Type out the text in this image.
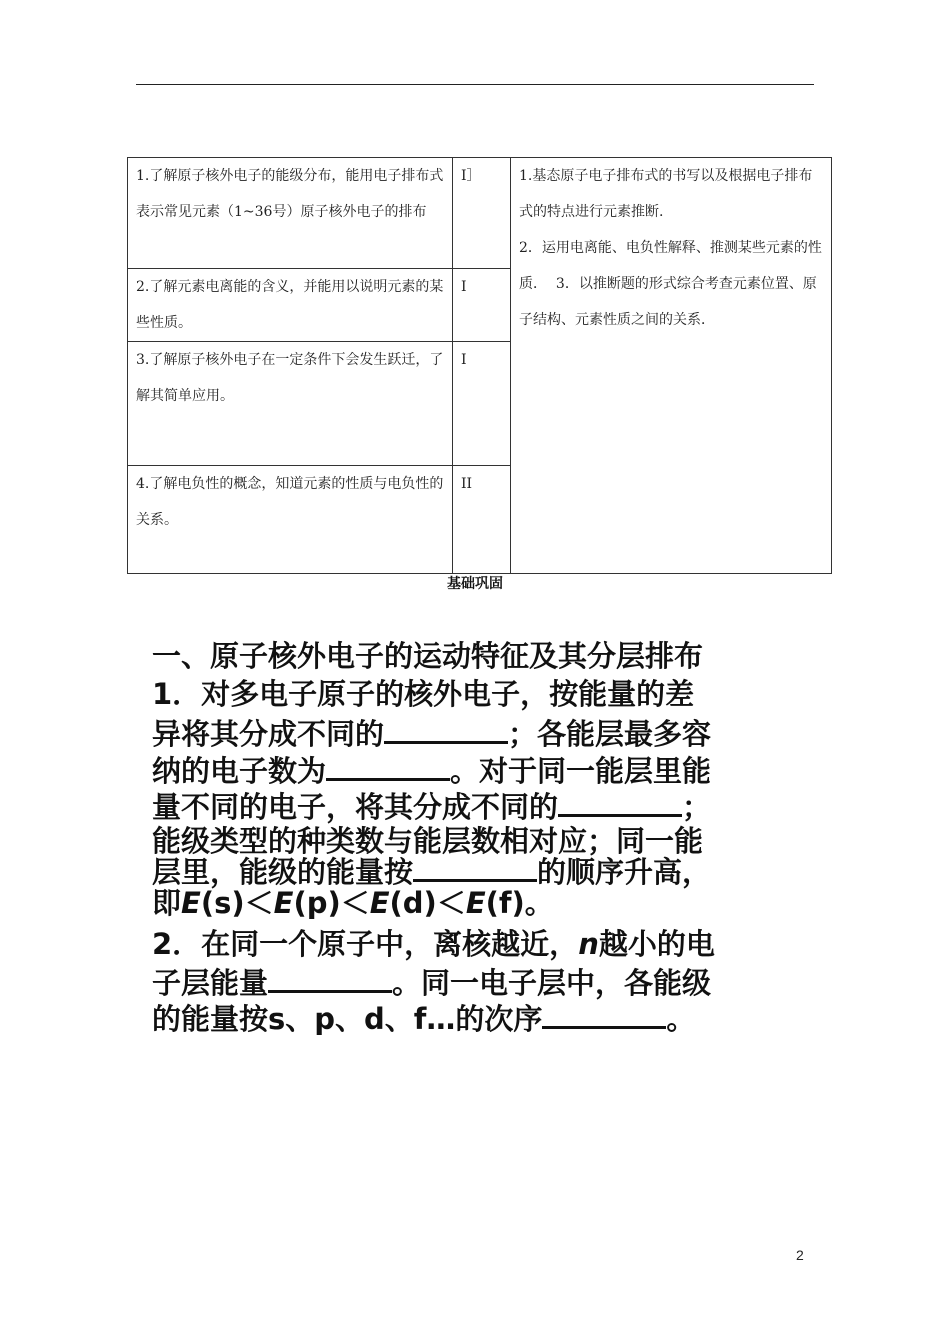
1.了解原子核外电子的能级分布，能用电子排布式表示常见元素（1~36号）原子核外电子的排布	I］	1.基态原子电子排布式的书写以及根据电子排布式的特点进行元素推断.
2．运用电离能、电负性解释、推测某些元素的性质． 3．以推断题的形式综合考查元素位置、原子结构、元素性质之间的关系．

2.了解元素电离能的含义，并能用以说明元素的某些性质。	I	
3.了解原子核外电子在一定条件下会发生跃迁，了解其简单应用。	I	
4.了解电负性的概念，知道元素的性质与电负性的关系。	II	
基础巩固
一、原子核外电子的运动特征及其分层排布
1．对多电子原子的核外电子，按能量的差
异将其分成不同的	；各能层最多容
纳的电子数为	。对于同一能层里能
量不同的电子，将其分成不同的	；
能级类型的种类数与能层数相对应；同一能
层里，能级的能量按	的顺序升高，
即E(s)＜E(p)＜E(d)＜E(f)。
2．在同一个原子中，离核越近，n越小的电
子层能量	。同一电子层中，各能级
的能量按s、p、d、f…的次序	。
2
